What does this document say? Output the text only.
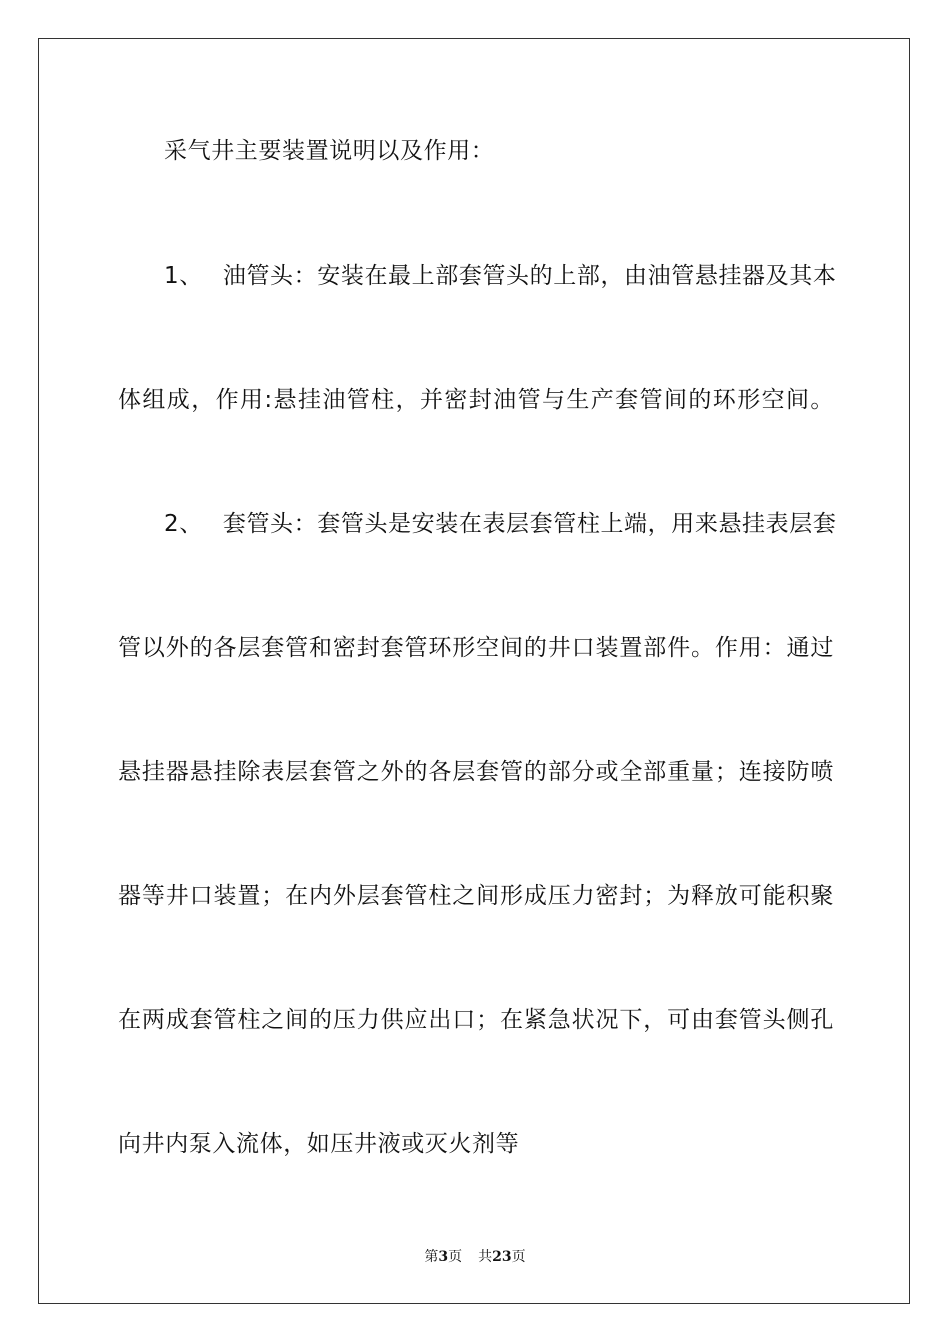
采气井主要装置说明以及作用：
1、 油管头：安装在最上部套管头的上部，由油管悬挂器及其本
体组成，作用:悬挂油管柱，并密封油管与生产套管间的环形空间。
2、 套管头：套管头是安装在表层套管柱上端，用来悬挂表层套
管以外的各层套管和密封套管环形空间的井口装置部件。作用：通过
悬挂器悬挂除表层套管之外的各层套管的部分或全部重量；连接防喷
器等井口装置；在内外层套管柱之间形成压力密封；为释放可能积聚
在两成套管柱之间的压力供应出口；在紧急状况下，可由套管头侧孔
向井内泵入流体，如压井液或灭火剂等
第3页 共23页
